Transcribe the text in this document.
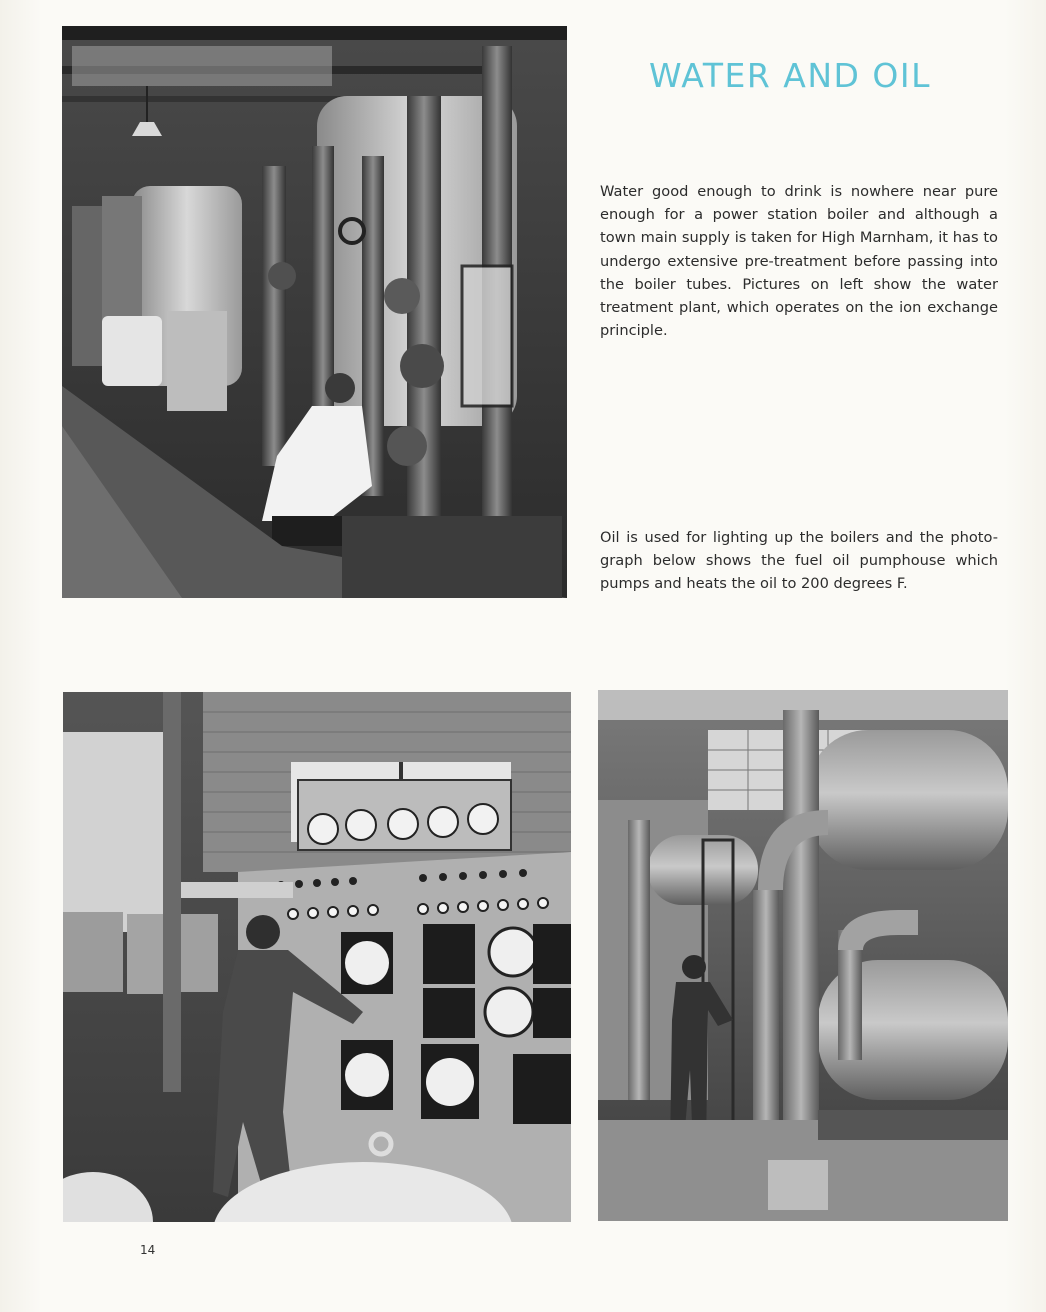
WATER AND OIL

Water good enough to drink is nowhere near pure enough for a power station boiler and although a town main supply is taken for High Marnham, it has to undergo extensive pre-treatment before passing into the boiler tubes. Pictures on left show the water treatment plant, which operates on the ion exchange principle.

Oil is used for lighting up the boilers and the photo-graph below shows the fuel oil pumphouse which pumps and heats the oil to 200 degrees F.

14
